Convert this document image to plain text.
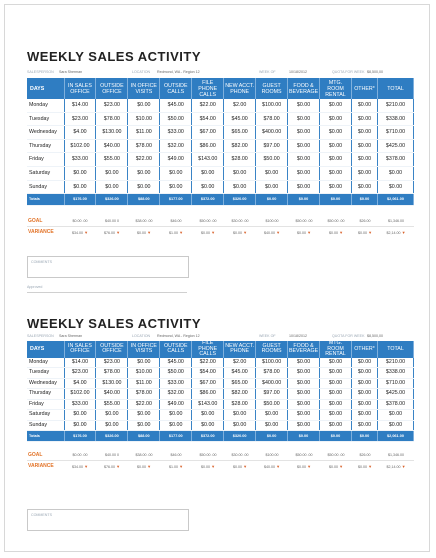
WEEKLY SALES ACTIVITY
SALESPERSON Sara Sherman	LOCATION Redmond, WA - Region 12	WEEK OF	10/18/2012	QUOTA FOR WEEK $8,500,00
DAYS	IN SALES OFFICE	OUTSIDE OFFICE	IN OFFICE VISITS	OUTSIDE CALLS	FILE PHONE CALLS	NEW ACCT. PHONE	GUEST ROOMS	FOOD & BEVERAGE	MTG. ROOM RENTAL	OTHER*	TOTAL
Monday	$14.00	$23.00	$0.00	$45.00	$22.00	$2.00	$100.00	$0.00	$0.00	$0.00	$210.00
Tuesday	$23.00	$78.00	$10.00	$50.00	$54.00	$45.00	$78.00	$0.00	$0.00	$0.00	$338.00
Wednesday	$4.00	$130.00	$11.00	$33.00	$67.00	$65.00	$400.00	$0.00	$0.00	$0.00	$710.00
Thursday	$102.00	$40.00	$78.00	$32.00	$86.00	$82.00	$97.00	$0.00	$0.00	$0.00	$425.00
Friday	$33.00	$55.00	$22.00	$49.00	$143.00	$28.00	$50.00	$0.00	$0.00	$0.00	$378.00
Saturday	$0.00	$0.00	$0.00	$0.00	$0.00	$0.00	$0.00	$0.00	$0.00	$0.00	$0.00
Sunday	$0.00	$0.00	$0.00	$0.00	$0.00	$0.00	$0.00	$0.00	$0.00	$0.00	$0.00
Totals	$176.00	$326.00	$88.00	$177.00	$372.00	$320.00	$0.00	$0.00	$0.00	$0.00	$2,061.00
GOAL	$0.00 .00	$40.00 0	$38.00 .00	$46.00	$50.00 .00	$30.00 .00	$100.00	$50.00 .00	$50.00 .00	$26.00	$1,346.00
VARIANCE	$34.00 ▼	$76.00 ▼	$0.00 ▼	$1.00 ▼	$0.00 ▼	$0.00 ▼	$40.00 ▼	$0.00 ▼	$0.00 ▼	$0.00 ▼	$2,14.00 ▼
COMMENTS
Approved
WEEKLY SALES ACTIVITY
SALESPERSON Sara Sherman	LOCATION Redmond, WA - Region 12	WEEK OF	10/18/2012	QUOTA FOR WEEK $8,500,00
DAYS	IN SALES OFFICE	OUTSIDE OFFICE	IN OFFICE VISITS	OUTSIDE CALLS	FILE PHONE CALLS	NEW ACCT. PHONE	GUEST ROOMS	FOOD & BEVERAGE	MTG. ROOM RENTAL	OTHER*	TOTAL
Monday	$14.00	$23.00	$0.00	$45.00	$22.00	$2.00	$100.00	$0.00	$0.00	$0.00	$210.00
Tuesday	$23.00	$78.00	$10.00	$50.00	$54.00	$45.00	$78.00	$0.00	$0.00	$0.00	$338.00
Wednesday	$4.00	$130.00	$11.00	$33.00	$67.00	$65.00	$400.00	$0.00	$0.00	$0.00	$710.00
Thursday	$102.00	$40.00	$78.00	$32.00	$86.00	$82.00	$97.00	$0.00	$0.00	$0.00	$425.00
Friday	$33.00	$55.00	$22.00	$49.00	$143.00	$28.00	$50.00	$0.00	$0.00	$0.00	$378.00
Saturday	$0.00	$0.00	$0.00	$0.00	$0.00	$0.00	$0.00	$0.00	$0.00	$0.00	$0.00
Sunday	$0.00	$0.00	$0.00	$0.00	$0.00	$0.00	$0.00	$0.00	$0.00	$0.00	$0.00
Totals	$176.00	$326.00	$88.00	$177.00	$372.00	$320.00	$0.00	$0.00	$0.00	$0.00	$2,061.00
GOAL	$0.00 .00	$40.00 0	$38.00 .00	$46.00	$50.00 .00	$30.00 .00	$100.00	$50.00 .00	$50.00 .00	$26.00	$1,346.00
VARIANCE	$34.00 ▼	$76.00 ▼	$0.00 ▼	$1.00 ▼	$0.00 ▼	$0.00 ▼	$40.00 ▼	$0.00 ▼	$0.00 ▼	$0.00 ▼	$2,14.00 ▼
COMMENTS
